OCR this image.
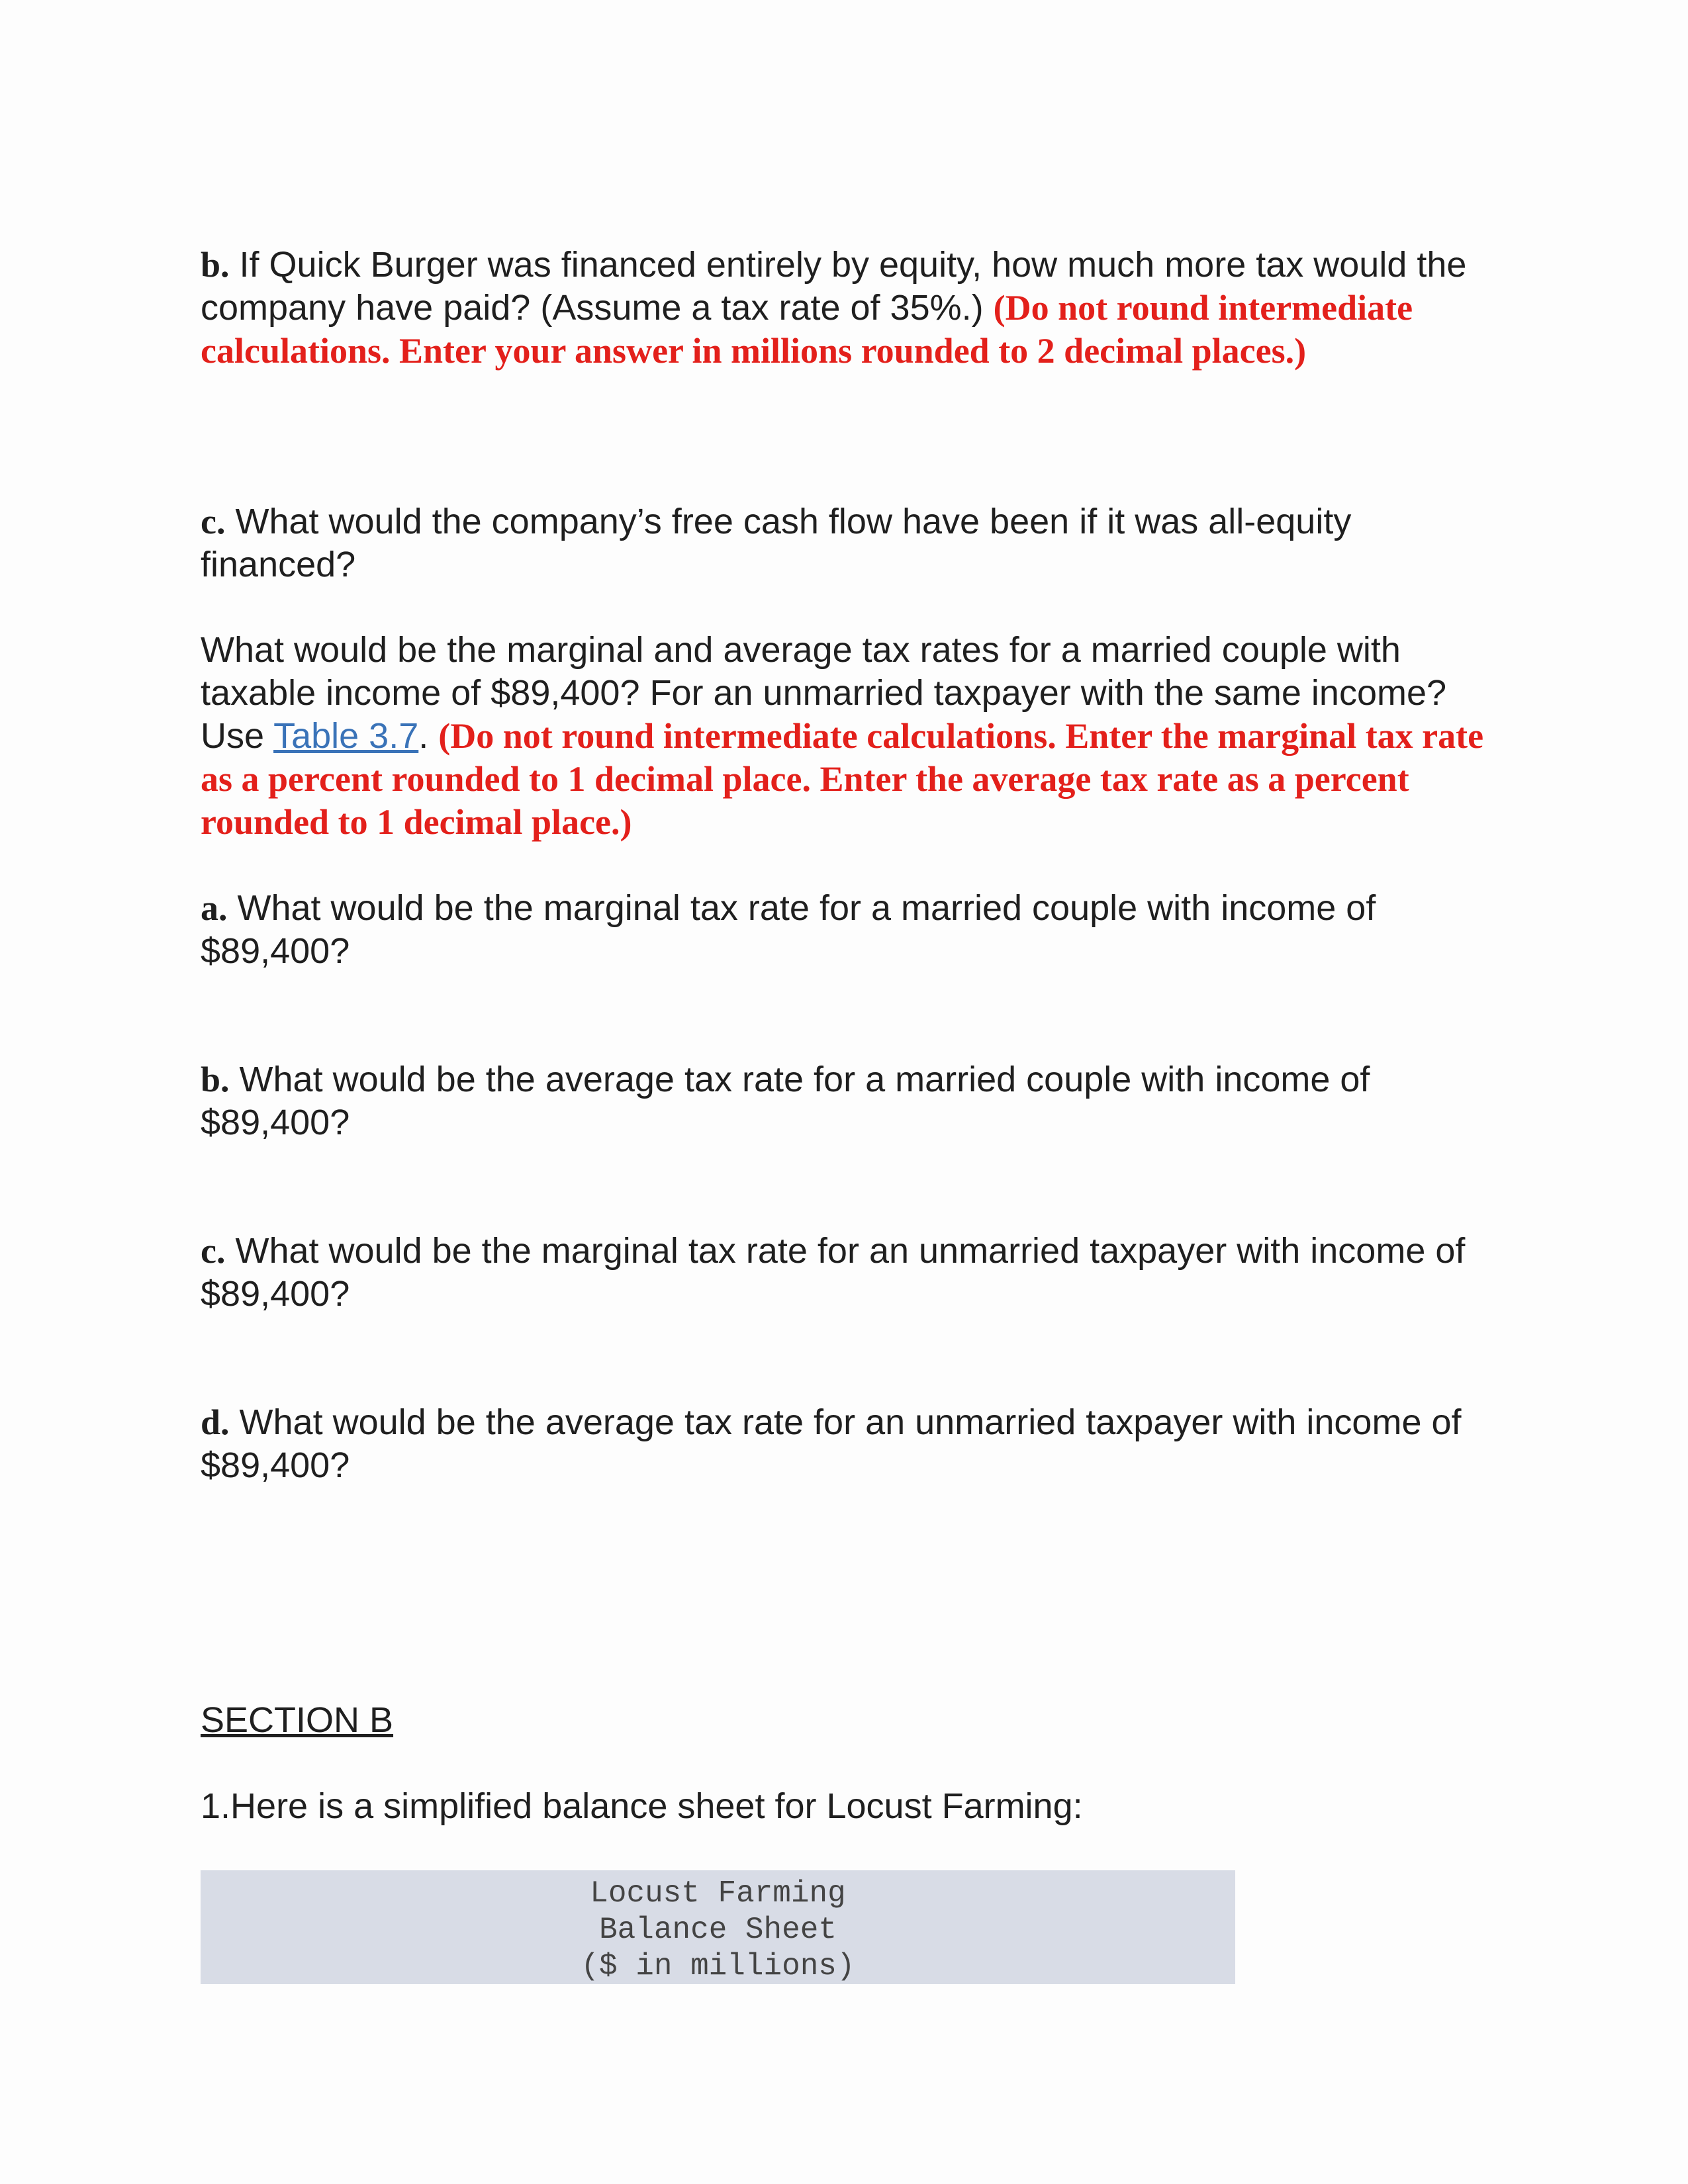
b. If Quick Burger was financed entirely by equity, how much more tax would the company have paid? (Assume a tax rate of 35%.) (Do not round intermediate calculations. Enter your answer in millions rounded to 2 decimal places.)
c. What would the company’s free cash flow have been if it was all-equity financed?
What would be the marginal and average tax rates for a married couple with taxable income of $89,400? For an unmarried taxpayer with the same income? Use Table 3.7. (Do not round intermediate calculations. Enter the marginal tax rate as a percent rounded to 1 decimal place. Enter the average tax rate as a percent rounded to 1 decimal place.)
a. What would be the marginal tax rate for a married couple with income of $89,400?
b. What would be the average tax rate for a married couple with income of $89,400?
c. What would be the marginal tax rate for an unmarried taxpayer with income of $89,400?
d. What would be the average tax rate for an unmarried taxpayer with income of $89,400?
SECTION B
1.Here is a simplified balance sheet for Locust Farming:
Locust Farming
Balance Sheet
($ in millions)
